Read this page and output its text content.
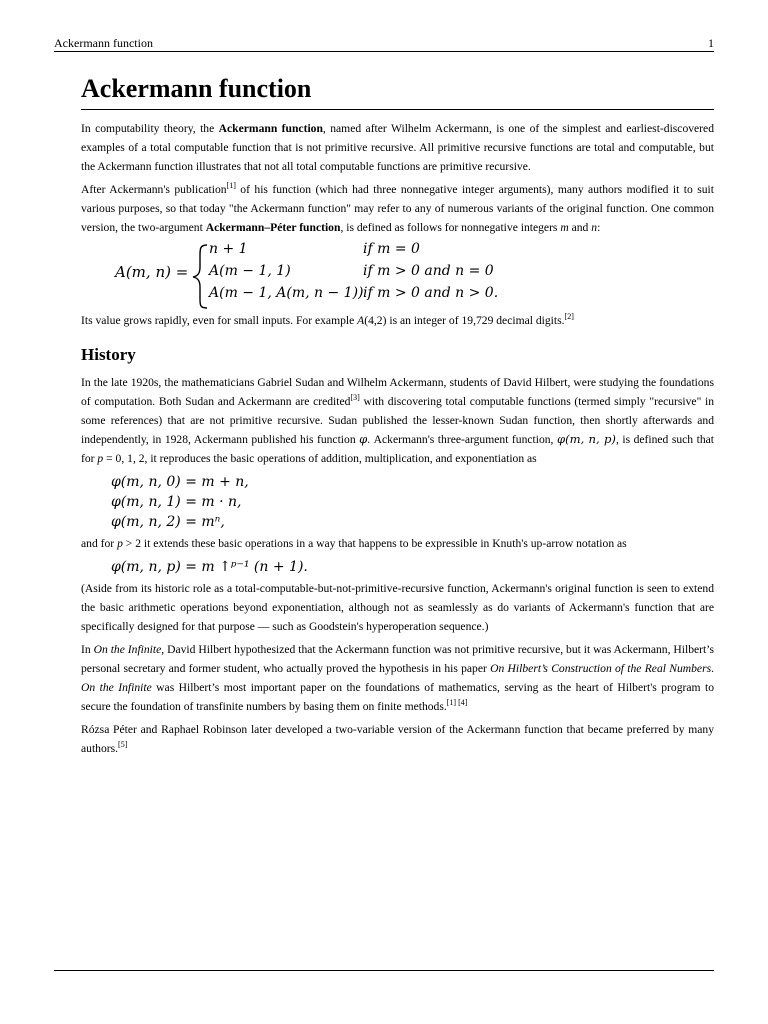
Ackermann function	1
Ackermann function

In computability theory, the Ackermann function, named after Wilhelm Ackermann, is one of the simplest and earliest-discovered examples of a total computable function that is not primitive recursive. All primitive recursive functions are total and computable, but the Ackermann function illustrates that not all total computable functions are primitive recursive.

After Ackermann's publication[1] of his function (which had three nonnegative integer arguments), many authors modified it to suit various purposes, so that today "the Ackermann function" may refer to any of numerous variants of the original function. One common version, the two-argument Ackermann–Péter function, is defined as follows for nonnegative integers m and n:

A(m, n) =
n + 1	if m = 0
A(m − 1, 1)	if m > 0 and n = 0
A(m − 1, A(m, n − 1)) if m > 0 and n > 0.

Its value grows rapidly, even for small inputs. For example A(4,2) is an integer of 19,729 decimal digits.[2]

History

In the late 1920s, the mathematicians Gabriel Sudan and Wilhelm Ackermann, students of David Hilbert, were studying the foundations of computation. Both Sudan and Ackermann are credited[3] with discovering total computable functions (termed simply "recursive" in some references) that are not primitive recursive. Sudan published the lesser-known Sudan function, then shortly afterwards and independently, in 1928, Ackermann published his function φ. Ackermann's three-argument function, φ(m, n, p), is defined such that for p = 0, 1, 2, it reproduces the basic operations of addition, multiplication, and exponentiation as

φ(m, n, 0) = m + n,
φ(m, n, 1) = m · n,
φ(m, n, 2) = mⁿ,

and for p > 2 it extends these basic operations in a way that happens to be expressible in Knuth's up-arrow notation as

φ(m, n, p) = m ↑ᵖ⁻¹ (n + 1).

(Aside from its historic role as a total-computable-but-not-primitive-recursive function, Ackermann's original function is seen to extend the basic arithmetic operations beyond exponentiation, although not as seamlessly as do variants of Ackermann's function that are specifically designed for that purpose — such as Goodstein's hyperoperation sequence.)

In On the Infinite, David Hilbert hypothesized that the Ackermann function was not primitive recursive, but it was Ackermann, Hilbert’s personal secretary and former student, who actually proved the hypothesis in his paper On Hilbert’s Construction of the Real Numbers. On the Infinite was Hilbert’s most important paper on the foundations of mathematics, serving as the heart of Hilbert's program to secure the foundation of transfinite numbers by basing them on finite methods.[1] [4]

Rózsa Péter and Raphael Robinson later developed a two-variable version of the Ackermann function that became preferred by many authors.[5]
